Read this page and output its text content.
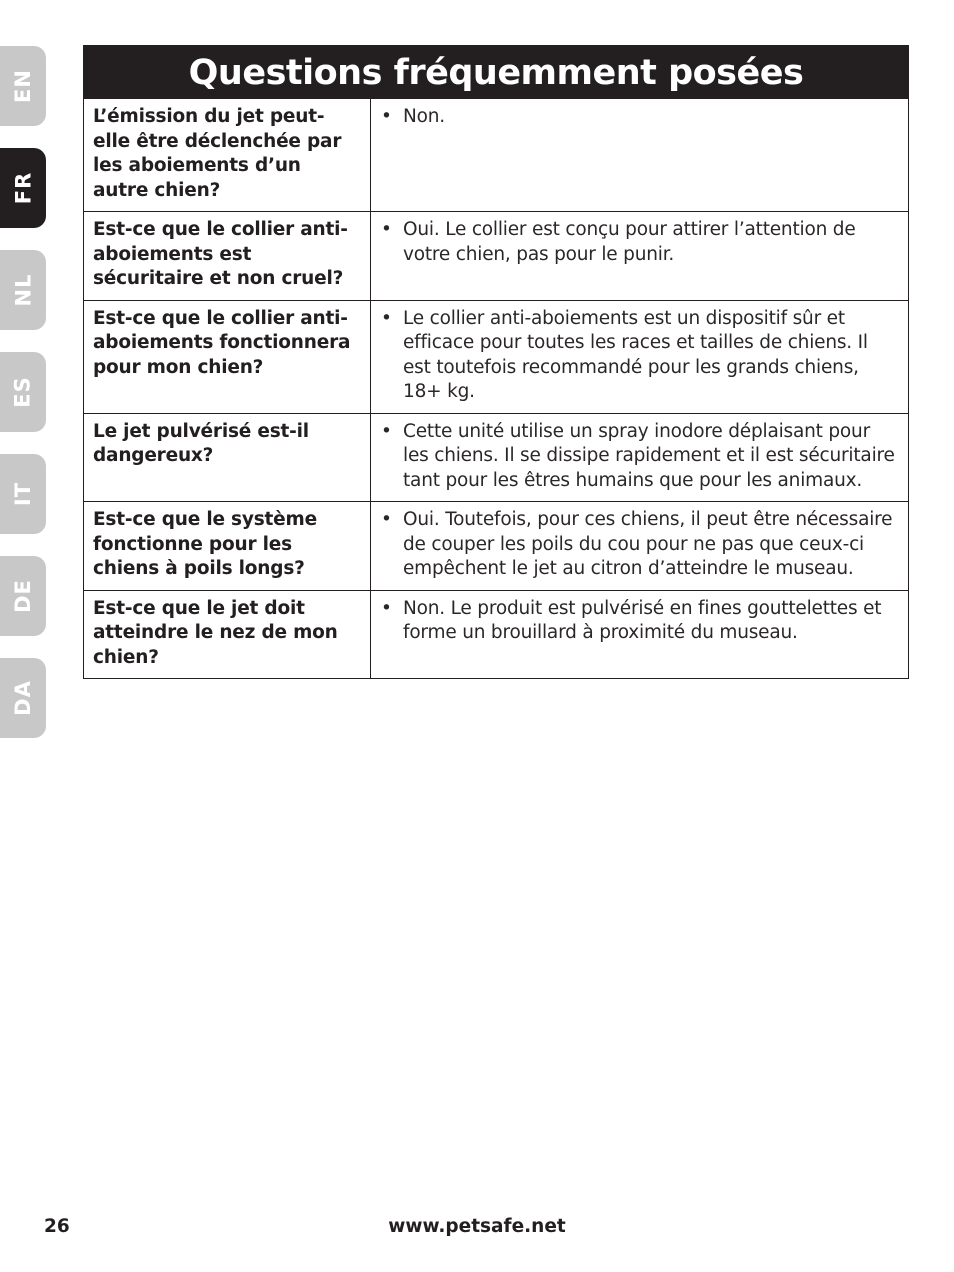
EN
FR
NL
ES
IT
DE
DA
Questions fréquemment posées
L’émission du jet peut-elle être déclenchée par les aboiements d’un autre chien?	• Non.

Est-ce que le collier anti-aboiements est sécuritaire et non cruel?	• Oui. Le collier est conçu pour attirer l’attention de votre chien, pas pour le punir.

Est-ce que le collier anti-aboiements fonctionnera pour mon chien?	• Le collier anti-aboiements est un dispositif sûr et efficace pour toutes les races et tailles de chiens. Il est toutefois recommandé pour les grands chiens, 18+ kg.

Le jet pulvérisé est-il dangereux?	• Cette unité utilise un spray inodore déplaisant pour les chiens. Il se dissipe rapidement et il est sécuritaire tant pour les êtres humains que pour les animaux.

Est-ce que le système fonctionne pour les chiens à poils longs?	• Oui. Toutefois, pour ces chiens, il peut être nécessaire de couper les poils du cou pour ne pas que ceux-ci empêchent le jet au citron d’atteindre le museau.

Est-ce que le jet doit atteindre le nez de mon chien?	• Non. Le produit est pulvérisé en fines gouttelettes et forme un brouillard à proximité du museau.
26	www.petsafe.net
